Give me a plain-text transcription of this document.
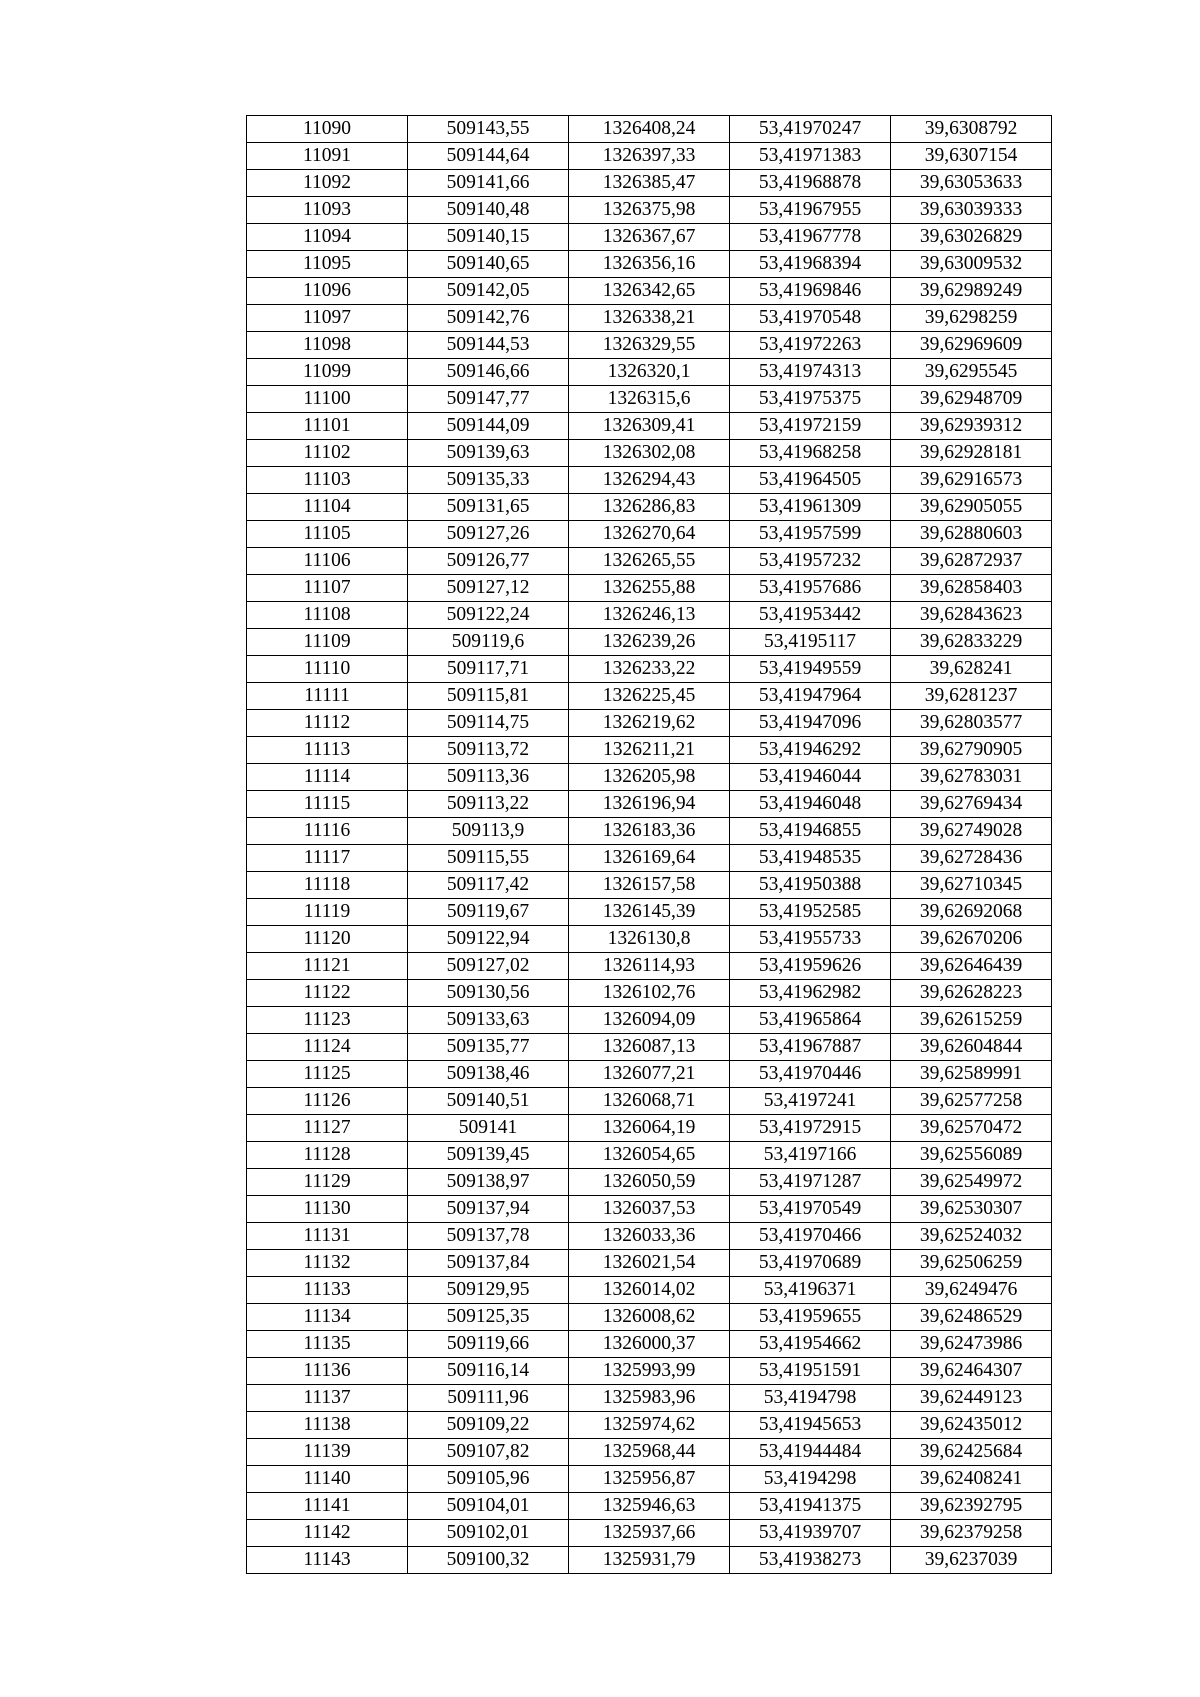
11090	509143,55	1326408,24	53,41970247	39,6308792
11091	509144,64	1326397,33	53,41971383	39,6307154
11092	509141,66	1326385,47	53,41968878	39,63053633
11093	509140,48	1326375,98	53,41967955	39,63039333
11094	509140,15	1326367,67	53,41967778	39,63026829
11095	509140,65	1326356,16	53,41968394	39,63009532
11096	509142,05	1326342,65	53,41969846	39,62989249
11097	509142,76	1326338,21	53,41970548	39,6298259
11098	509144,53	1326329,55	53,41972263	39,62969609
11099	509146,66	1326320,1	53,41974313	39,6295545
11100	509147,77	1326315,6	53,41975375	39,62948709
11101	509144,09	1326309,41	53,41972159	39,62939312
11102	509139,63	1326302,08	53,41968258	39,62928181
11103	509135,33	1326294,43	53,41964505	39,62916573
11104	509131,65	1326286,83	53,41961309	39,62905055
11105	509127,26	1326270,64	53,41957599	39,62880603
11106	509126,77	1326265,55	53,41957232	39,62872937
11107	509127,12	1326255,88	53,41957686	39,62858403
11108	509122,24	1326246,13	53,41953442	39,62843623
11109	509119,6	1326239,26	53,4195117	39,62833229
11110	509117,71	1326233,22	53,41949559	39,628241
11111	509115,81	1326225,45	53,41947964	39,6281237
11112	509114,75	1326219,62	53,41947096	39,62803577
11113	509113,72	1326211,21	53,41946292	39,62790905
11114	509113,36	1326205,98	53,41946044	39,62783031
11115	509113,22	1326196,94	53,41946048	39,62769434
11116	509113,9	1326183,36	53,41946855	39,62749028
11117	509115,55	1326169,64	53,41948535	39,62728436
11118	509117,42	1326157,58	53,41950388	39,62710345
11119	509119,67	1326145,39	53,41952585	39,62692068
11120	509122,94	1326130,8	53,41955733	39,62670206
11121	509127,02	1326114,93	53,41959626	39,62646439
11122	509130,56	1326102,76	53,41962982	39,62628223
11123	509133,63	1326094,09	53,41965864	39,62615259
11124	509135,77	1326087,13	53,41967887	39,62604844
11125	509138,46	1326077,21	53,41970446	39,62589991
11126	509140,51	1326068,71	53,4197241	39,62577258
11127	509141	1326064,19	53,41972915	39,62570472
11128	509139,45	1326054,65	53,4197166	39,62556089
11129	509138,97	1326050,59	53,41971287	39,62549972
11130	509137,94	1326037,53	53,41970549	39,62530307
11131	509137,78	1326033,36	53,41970466	39,62524032
11132	509137,84	1326021,54	53,41970689	39,62506259
11133	509129,95	1326014,02	53,4196371	39,6249476
11134	509125,35	1326008,62	53,41959655	39,62486529
11135	509119,66	1326000,37	53,41954662	39,62473986
11136	509116,14	1325993,99	53,41951591	39,62464307
11137	509111,96	1325983,96	53,4194798	39,62449123
11138	509109,22	1325974,62	53,41945653	39,62435012
11139	509107,82	1325968,44	53,41944484	39,62425684
11140	509105,96	1325956,87	53,4194298	39,62408241
11141	509104,01	1325946,63	53,41941375	39,62392795
11142	509102,01	1325937,66	53,41939707	39,62379258
11143	509100,32	1325931,79	53,41938273	39,6237039
